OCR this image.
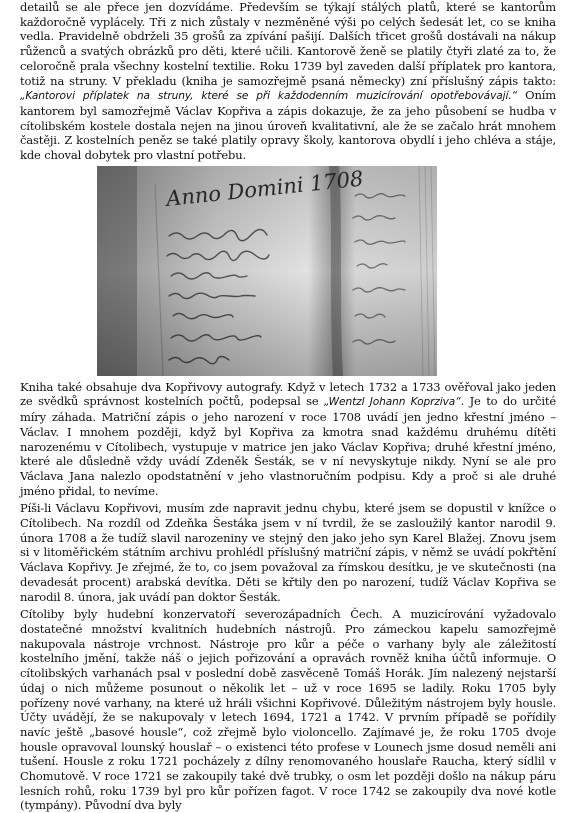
detailů se ale přece jen dozvídáme. Především se týkají stálých platů, které se kantorům každoročně vyplácely. Tři z nich zůstaly v nezměněné výši po celých šedesát let, co se kniha vedla. Pravidelně obdrželi 35 grošů za zpívání pašijí. Dalších třicet grošů dostávali na nákup růženců a svatých obrázků pro děti, které učili. Kantorově ženě se platily čtyři zlaté za to, že celoročně prala všechny kostelní textilie. Roku 1739 byl zaveden další příplatek pro kantora, totiž na struny. V překladu (kniha je samozřejmě psaná německy) zní příslušný zápis takto: „Kantorovi příplatek na struny, které se při každodenním muzicírování opotřebovávají.“ Oním kantorem byl samozřejmě Václav Kopřiva a zápis dokazuje, že za jeho působení se hudba v cítolibském kostele dostala nejen na jinou úroveň kvalitativní, ale že se začalo hrát mnohem častěji. Z kostelních peněz se také platily opravy školy, kantorova obydlí i jeho chléva a stáje, kde choval dobytek pro vlastní potřebu.

Kniha také obsahuje dva Kopřivovy autografy. Když v letech 1732 a 1733 ověřoval jako jeden ze svědků správnost kostelních počtů, podepsal se „Wentzl Johann Koprziva“. Je to do určité míry záhada. Matriční zápis o jeho narození v roce 1708 uvádí jen jedno křestní jméno – Václav. I mnohem později, když byl Kopřiva za kmotra snad každému druhému dítěti narozenému v Cítolibech, vystupuje v matrice jen jako Václav Kopřiva; druhé křestní jméno, které ale důsledně vždy uvádí Zdeněk Šesták, se v ní nevyskytuje nikdy. Nyní se ale pro Václava Jana nalezlo opodstatnění v jeho vlastnoručním podpisu. Kdy a proč si ale druhé jméno přidal, to nevíme.

Píši-li Václavu Kopřivovi, musím zde napravit jednu chybu, které jsem se dopustil v knížce o Cítolibech. Na rozdíl od Zdeňka Šestáka jsem v ní tvrdil, že se zasloužilý kantor narodil 9. února 1708 a že tudíž slavil narozeniny ve stejný den jako jeho syn Karel Blažej. Znovu jsem si v litoměřickém státním archivu prohlédl příslušný matriční zápis, v němž se uvádí pokřtění Václava Kopřivy. Je zřejmé, že to, co jsem považoval za římskou desítku, je ve skutečnosti (na devadesát procent) arabská devítka. Děti se křtily den po narození, tudíž Václav Kopřiva se narodil 8. února, jak uvádí pan doktor Šesták.

Cítoliby byly hudební konzervatoří severozápadních Čech. A muzicírování vyžadovalo dostatečné množství kvalitních hudebních nástrojů. Pro zámeckou kapelu samozřejmě nakupovala nástroje vrchnost. Nástroje pro kůr a péče o varhany byly ale záležitostí kostelního jmění, takže náš o jejich pořizování a opravách rovněž kniha účtů informuje. O cítolibských varhanách psal v poslední době zasvěceně Tomáš Horák. Jím nalezený nejstarší údaj o nich můžeme posunout o několik let – už v roce 1695 se ladily. Roku 1705 byly pořízeny nové varhany, na které už hráli všichni Kopřivové. Důležitým nástrojem byly housle. Účty uvádějí, že se nakupovaly v letech 1694, 1721 a 1742. V prvním případě se pořídily navíc ještě „basové housle“, což zřejmě bylo violoncello. Zajímavé je, že roku 1705 dvoje housle opravoval lounský houslař – o existenci této profese v Lounech jsme dosud neměli ani tušení. Housle z roku 1721 pocházely z dílny renomovaného houslaře Raucha, který sídlil v Chomutově. V roce 1721 se zakoupily také dvě trubky, o osm let později došlo na nákup páru lesních rohů, roku 1739 byl pro kůr pořízen fagot. V roce 1742 se zakoupily dva nové kotle (tympány). Původní dva byly
